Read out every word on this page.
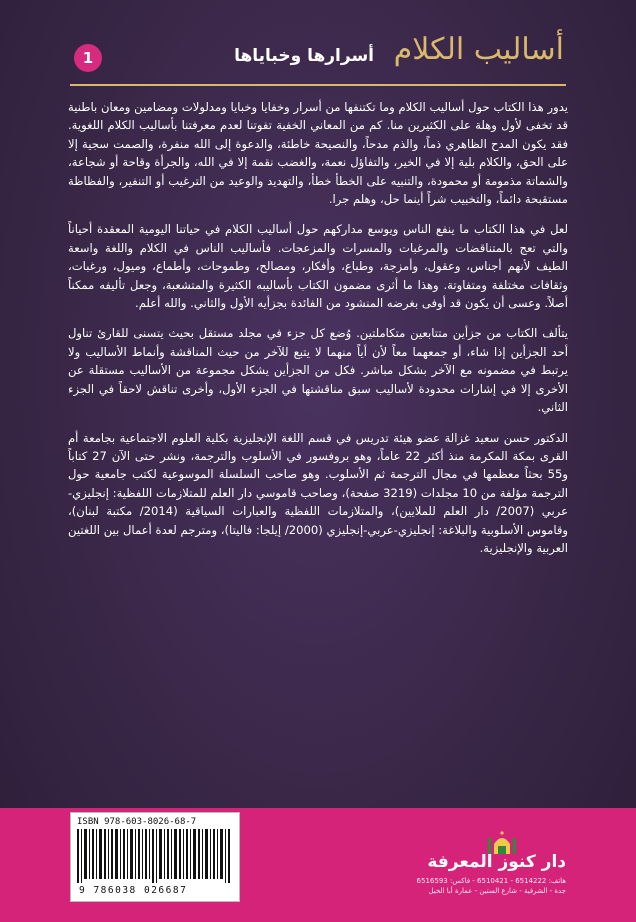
أساليب الكلام
أسرارها وخباياها
1

يدور هذا الكتاب حول أساليب الكلام وما تكتنفها من أسرار وخفايا وخبايا ومدلولات ومضامين ومعان باطنية قد تخفى لأول وهلة على الكثيرين منا. كم من المعاني الخفية تفوتنا لعدم معرفتنا بأساليب الكلام اللغوية. فقد يكون المدح الظاهري ذماً، والذم مدحاً، والنصيحة خاطئة، والدعوة إلى الله منفرة، والصمت سجية إلا على الحق، والكلام بلية إلا في الخير، والتفاؤل نعمة، والغضب نقمة إلا في الله، والجرأة وقاحة أو شجاعة، والشماتة مذمومة أو محمودة، والتنبيه على الخطأ خطأ، والتهديد والوعيد من الترغيب أو التنفير، والفظاظة مستقبحة دائماً، والتخبيب شراً أينما حل، وهلم جرا.

لعل في هذا الكتاب ما ينفع الناس ويوسع مداركهم حول أساليب الكلام في حياتنا اليومية المعقدة أحياناً والتي تعج بالمتناقضات والمرغبات والمسرات والمزعجات. فأساليب الناس في الكلام واللغة واسعة الطيف لأنهم أجناس، وعقول، وأمزجة، وطباع، وأفكار، ومصالح، وطموحات، وأطماع، وميول، ورغبات، وثقافات مختلفة ومتفاوتة. وهذا ما أثرى مضمون الكتاب بأساليبه الكثيرة والمتشعبة، وجعل تأليفه ممكناً أصلاً. وعسى أن يكون قد أوفى بغرضه المنشود من الفائدة بجزأيه الأول والثاني. والله أعلم.

يتألف الكتاب من جزأين متتابعين متكاملتين. وُضع كل جزء في مجلد مستقل بحيث يتسنى للقارئ تناول أحد الجزأين إذا شاء، أو جمعهما معاً لأن أياً منهما لا يتبع للآخر من حيث المناقشة وأنماط الأساليب ولا يرتبط في مضمونه مع الآخر بشكل مباشر. فكل من الجزأين يشكل مجموعة من الأساليب مستقلة عن الأخرى إلا في إشارات محدودة لأساليب سبق مناقشتها في الجزء الأول، وأخرى تناقش لاحقاً في الجزء الثاني.

الدكتور حسن سعيد غزالة عضو هيئة تدريس في قسم اللغة الإنجليزية بكلية العلوم الاجتماعية بجامعة أم القرى بمكة المكرمة منذ أكثر 22 عاماً، وهو بروفسور في الأسلوب والترجمة، ونشر حتى الآن 27 كتاباً و55 بحثاً معظمها في مجال الترجمة ثم الأسلوب. وهو صاحب السلسلة الموسوعية لكتب جامعية حول الترجمة مؤلفة من 10 مجلدات (3219 صفحة)، وصاحب قاموسي دار العلم للمتلازمات اللفظية: إنجليزي-عربي (2007/ دار العلم للملايين)، والمتلازمات اللفظية والعبارات السياقية (2014/ مكتبة لبنان)، وقاموس الأسلوبية والبلاغة: إنجليزي-عربي-إنجليزي (2000/ إيلجا: فاليتا)، ومترجم لعدة أعمال بين اللغتين العربية والإنجليزية.

ISBN 978-603-8026-68-7
9 786038 026687
دار كنوز المعرفة
هاتف: 6514222 - 6510421 - فاكس: 6516593
جدة - الشرفية - شارع الستين - عمارة أبا الخيل
